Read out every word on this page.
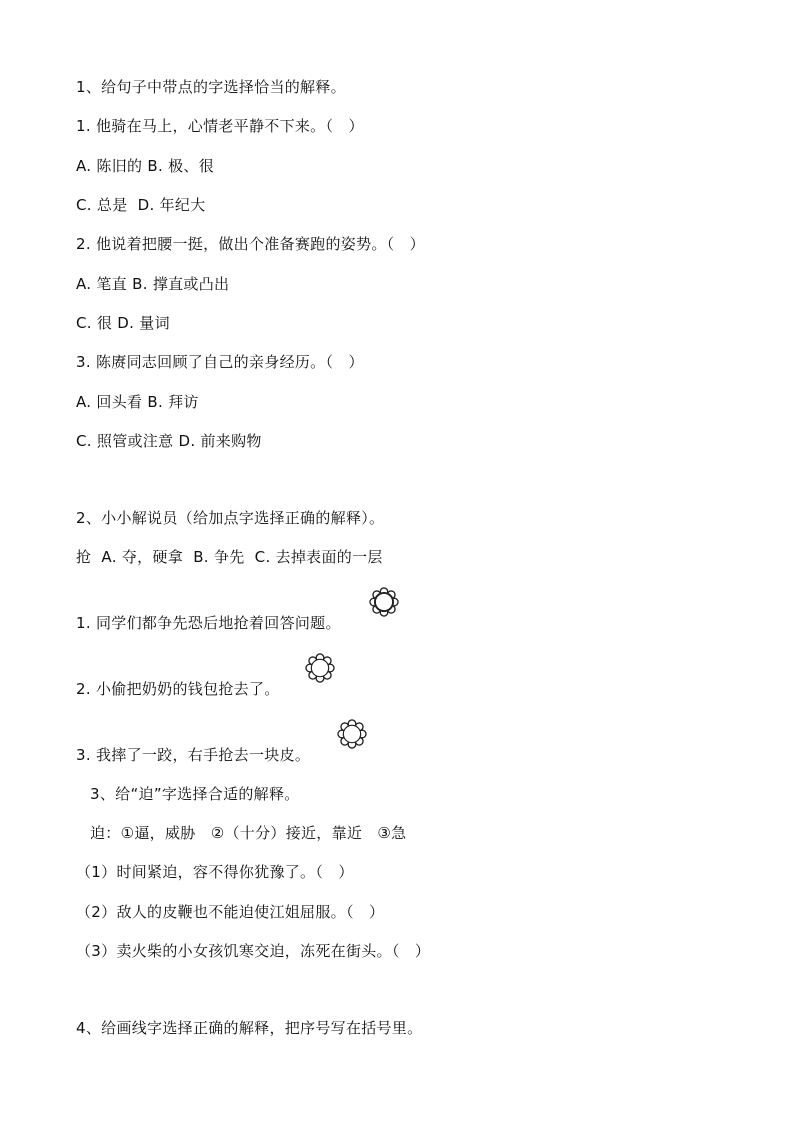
1、给句子中带点的字选择恰当的解释。
1. 他骑在马上，心情老平静不下来。（   ）
A. 陈旧的 B. 极、很
C. 总是  D. 年纪大
2. 他说着把腰一挺，做出个准备赛跑的姿势。（   ）
A. 笔直 B. 撑直或凸出
C. 很 D. 量词
3. 陈赓同志回顾了自己的亲身经历。（   ）
A. 回头看 B. 拜访
C. 照管或注意 D. 前来购物
2、小小解说员（给加点字选择正确的解释）。
抢  A. 夺，硬拿  B. 争先  C. 去掉表面的一层
1. 同学们都争先恐后地抢着回答问题。
2. 小偷把奶奶的钱包抢去了。
3. 我摔了一跤，右手抢去一块皮。
3、给“迫”字选择合适的解释。
迫：①逼，威胁   ②（十分）接近，靠近   ③急
（1）时间紧迫，容不得你犹豫了。（   ）
（2）敌人的皮鞭也不能迫使江姐屈服。（   ）
（3）卖火柴的小女孩饥寒交迫，冻死在街头。（   ）
4、给画线字选择正确的解释，把序号写在括号里。
